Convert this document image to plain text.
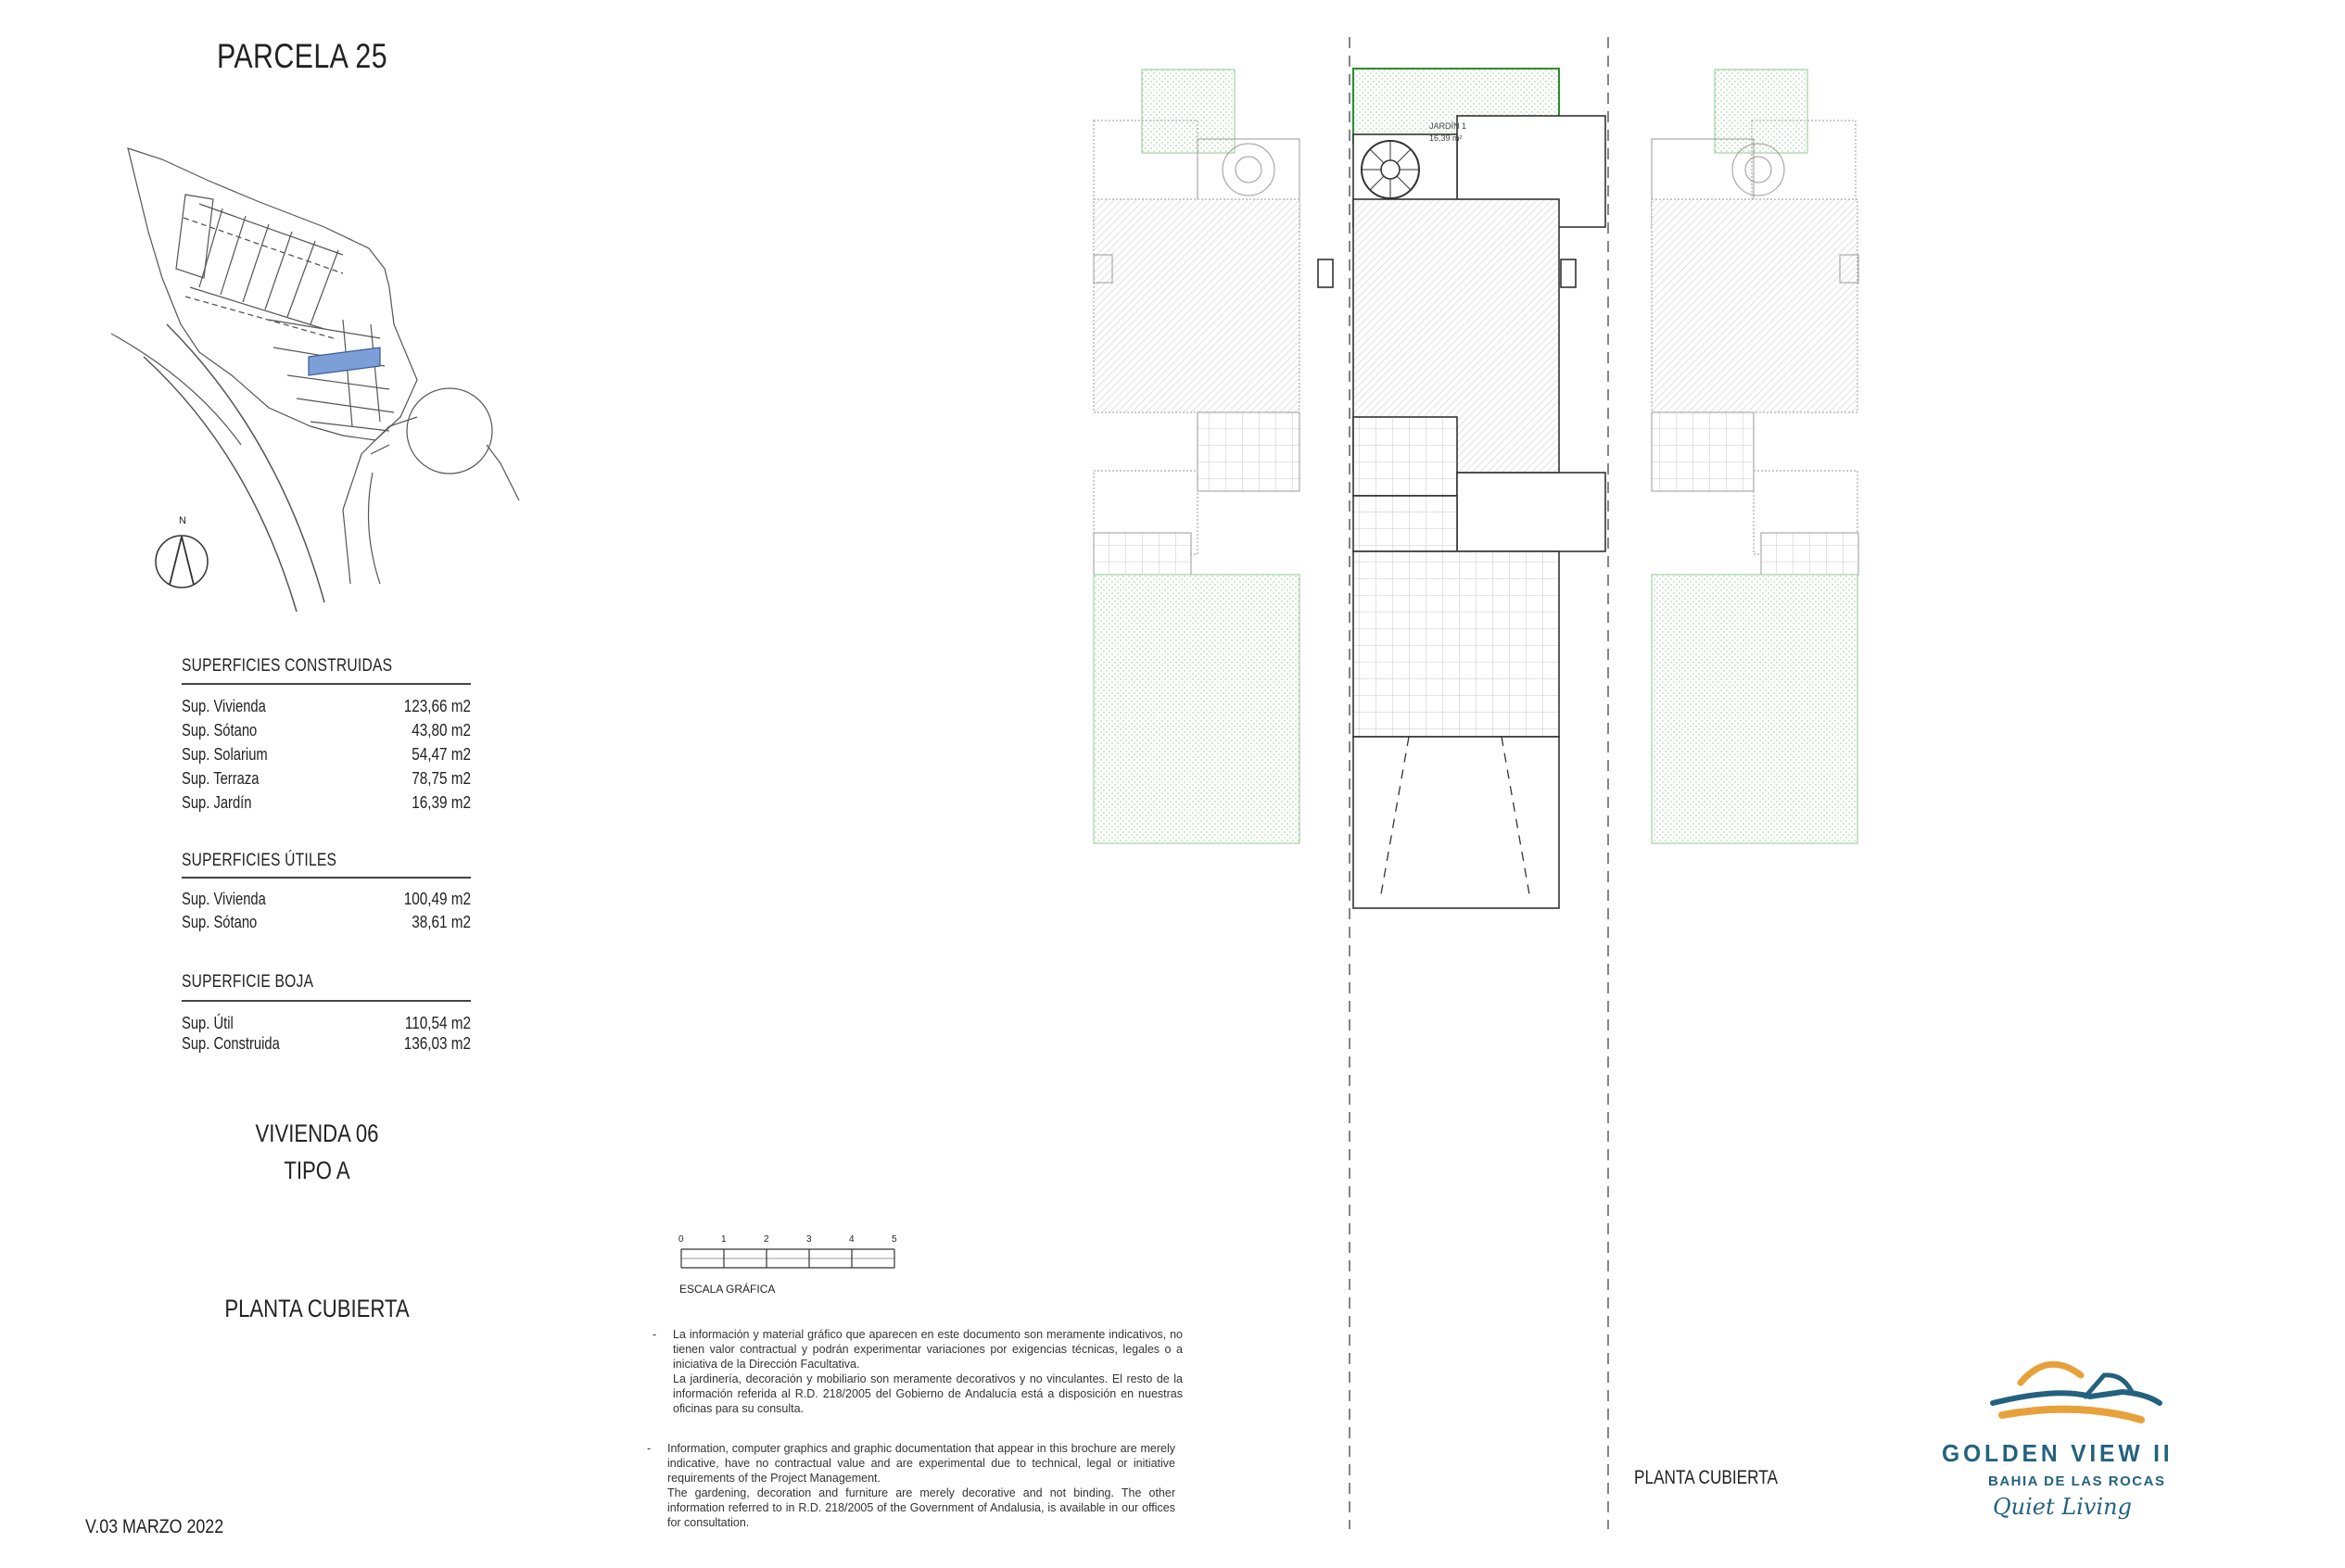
PARCELA 25
N
SUPERFICIES CONSTRUIDAS
Sup. Vivienda	123,66 m2
Sup. Sótano	43,80 m2
Sup. Solarium	54,47 m2
Sup. Terraza	78,75 m2
Sup. Jardín	16,39 m2
SUPERFICIES ÚTILES
Sup. Vivienda	100,49 m2
Sup. Sótano	38,61 m2
SUPERFICIE BOJA
Sup. Útil	110,54 m2
Sup. Construida	136,03 m2
VIVIENDA 06
TIPO A
PLANTA CUBIERTA
V.03 MARZO 2022
JARDÍN 1
16,39 m²
PLANTA CUBIERTA
0	1	2	3	4	5
ESCALA GRÁFICA
- La información y material gráfico que aparecen en este documento son meramente indicativos, no tienen valor contractual y podrán experimentar variaciones por exigencias técnicas, legales o a iniciativa de la Dirección Facultativa.

La jardinería, decoración y mobiliario son meramente decorativos y no vinculantes. El resto de la información referida al R.D. 218/2005 del Gobierno de Andalucía está a disposición en nuestras oficinas para su consulta.

- Information, computer graphics and graphic documentation that appear in this brochure are merely indicative, have no contractual value and are experimental due to technical, legal or initiative requirements of the Project Management.

The gardening, decoration and furniture are merely decorative and not binding. The other information referred to in R.D. 218/2005 of the Government of Andalusia, is available in our offices for consultation.

GOLDEN VIEW II
BAHIA DE LAS ROCAS
Quiet Living
